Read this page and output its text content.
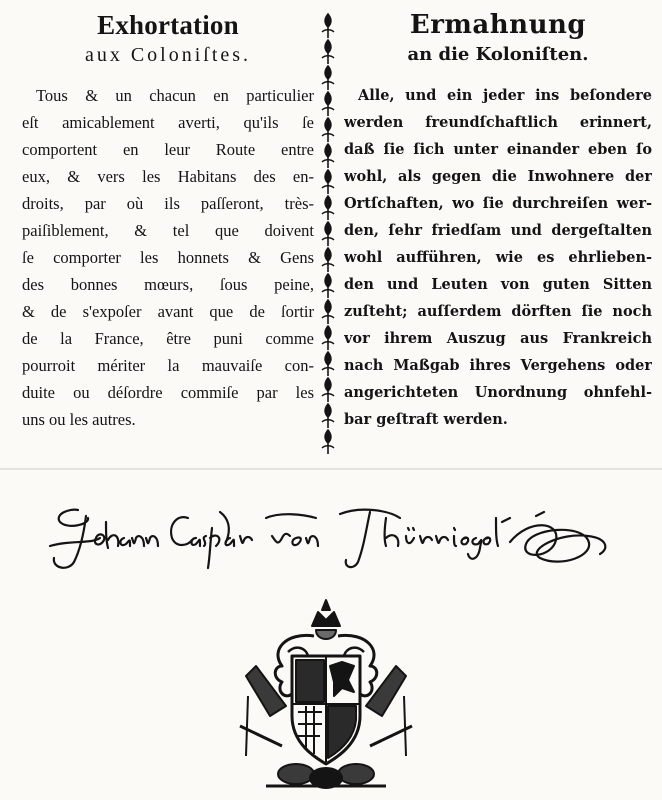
Exhortation
aux Coloniſtes.
Tous & un chacun en particulier
eſt amicablement averti, qu'ils ſe
comportent en leur Route entre
eux, & vers les Habitans des en-
droits, par où ils paſſeront, très-
paiſiblement, & tel que doivent
ſe comporter les honnets & Gens
des bonnes mœurs, ſous peine,
& de s'expoſer avant que de ſortir
de la France, être puni comme
pourroit mériter la mauvaiſe con-
duite ou déſordre commiſe par les
uns ou les autres.
Ermahnung
an die Koloniſten.
Alle, und ein jeder ins beſondere
werden freundſchaftlich erinnert,
daß ſie ſich unter einander eben ſo
wohl, als gegen die Inwohnere der
Ortſchaften, wo ſie durchreiſen wer-
den, ſehr friedſam und dergeſtalten
wohl aufführen, wie es ehrlieben-
den und Leuten von guten Sitten
zuſteht; auſſerdem dörften ſie noch
vor ihrem Auszug aus Frankreich
nach Maßgab ihres Vergehens oder
angerichteten Unordnung ohnfehl-
bar geſtraft werden.
